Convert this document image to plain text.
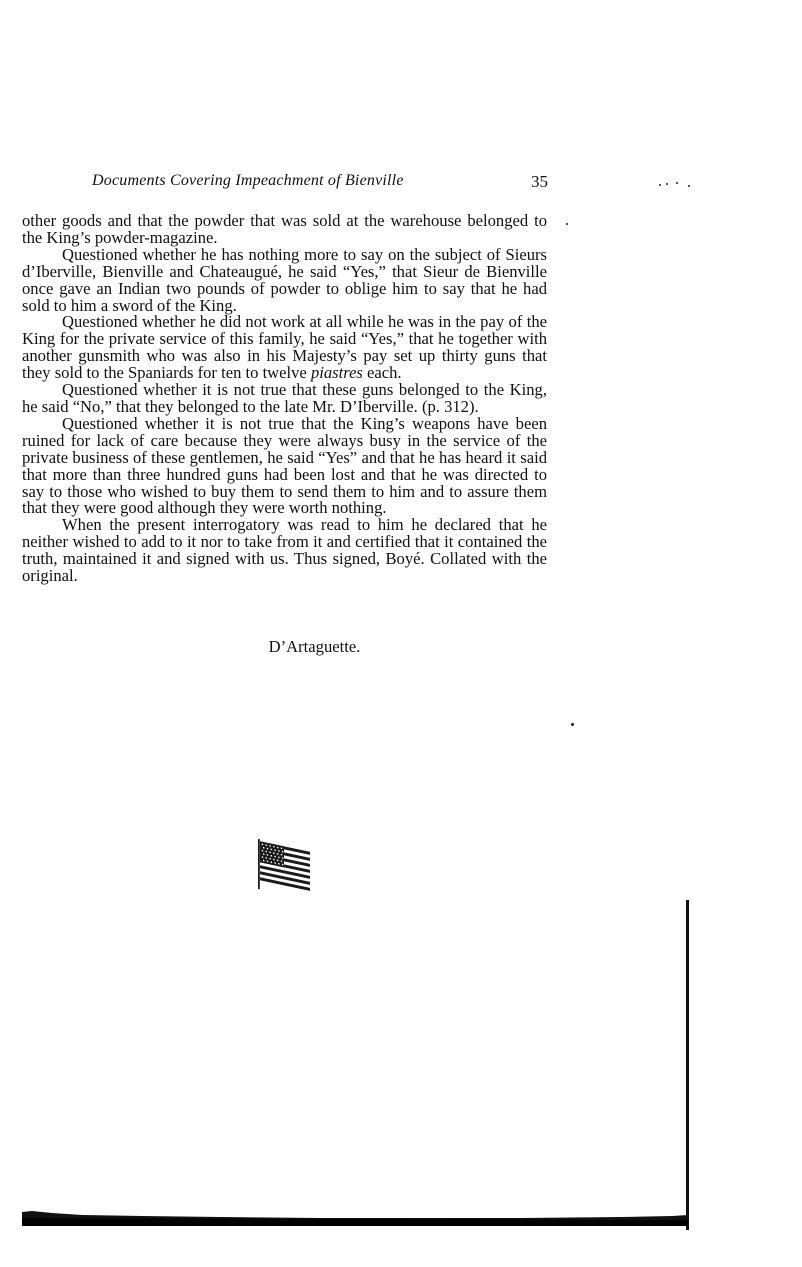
Documents Covering Impeachment of Bienville	35

other goods and that the powder that was sold at the warehouse belonged to the King’s powder-magazine.

Questioned whether he has nothing more to say on the subject of Sieurs d’Iberville, Bienville and Chateaugué, he said “Yes,” that Sieur de Bienville once gave an Indian two pounds of powder to oblige him to say that he had sold to him a sword of the King.

Questioned whether he did not work at all while he was in the pay of the King for the private service of this family, he said “Yes,” that he together with another gunsmith who was also in his Majesty’s pay set up thirty guns that they sold to the Spaniards for ten to twelve piastres each.

Questioned whether it is not true that these guns belonged to the King, he said “No,” that they belonged to the late Mr. D’Iberville. (p. 312).

Questioned whether it is not true that the King’s weapons have been ruined for lack of care because they were always busy in the service of the private business of these gentlemen, he said “Yes” and that he has heard it said that more than three hundred guns had been lost and that he was directed to say to those who wished to buy them to send them to him and to assure them that they were good although they were worth nothing.

When the present interrogatory was read to him he declared that he neither wished to add to it nor to take from it and certified that it contained the truth, maintained it and signed with us. Thus signed, Boyé. Collated with the original.

D’Artaguette.
